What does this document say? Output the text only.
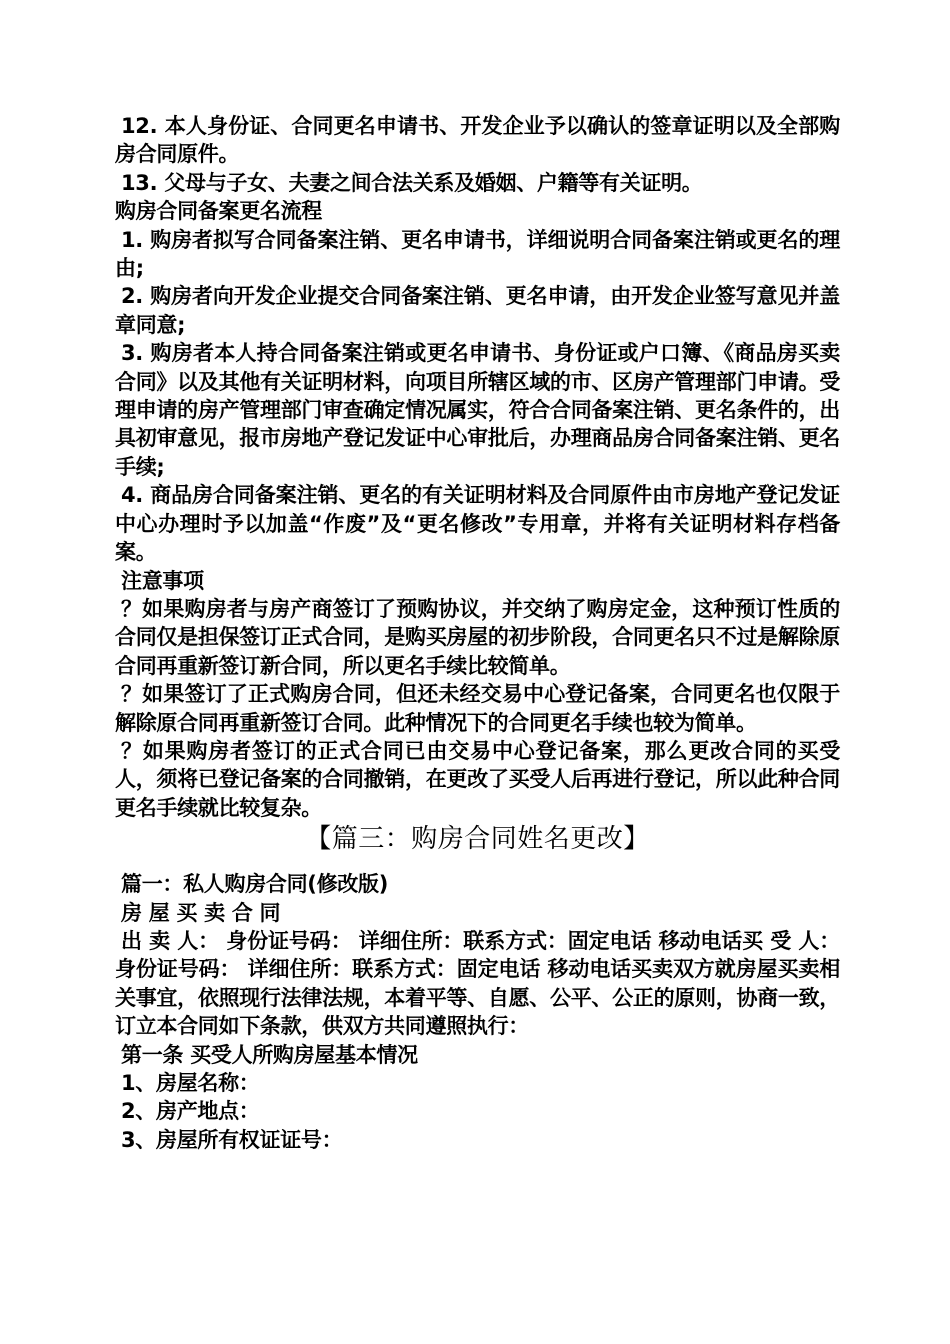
12. 本人身份证、合同更名申请书、开发企业予以确认的签章证明以及全部购房合同原件。

13. 父母与子女、夫妻之间合法关系及婚姻、户籍等有关证明。

购房合同备案更名流程

1. 购房者拟写合同备案注销、更名申请书，详细说明合同备案注销或更名的理由;

2. 购房者向开发企业提交合同备案注销、更名申请，由开发企业签写意见并盖章同意;

3. 购房者本人持合同备案注销或更名申请书、身份证或户口簿、《商品房买卖合同》以及其他有关证明材料，向项目所辖区域的市、区房产管理部门申请。受理申请的房产管理部门审查确定情况属实，符合合同备案注销、更名条件的，出具初审意见，报市房地产登记发证中心审批后，办理商品房合同备案注销、更名手续;

4. 商品房合同备案注销、更名的有关证明材料及合同原件由市房地产登记发证中心办理时予以加盖“作废”及“更名修改”专用章，并将有关证明材料存档备案。

注意事项

？如果购房者与房产商签订了预购协议，并交纳了购房定金，这种预订性质的合同仅是担保签订正式合同，是购买房屋的初步阶段，合同更名只不过是解除原合同再重新签订新合同，所以更名手续比较简单。

？如果签订了正式购房合同，但还未经交易中心登记备案，合同更名也仅限于解除原合同再重新签订合同。此种情况下的合同更名手续也较为简单。

？如果购房者签订的正式合同已由交易中心登记备案，那么更改合同的买受人，须将已登记备案的合同撤销，在更改了买受人后再进行登记，所以此种合同更名手续就比较复杂。

【篇三：购房合同姓名更改】

篇一：私人购房合同(修改版)

房 屋 买 卖 合 同

出 卖 人： 身份证号码： 详细住所：联系方式：固定电话 移动电话买 受 人： 身份证号码： 详细住所：联系方式：固定电话 移动电话买卖双方就房屋买卖相关事宜，依照现行法律法规，本着平等、自愿、公平、公正的原则，协商一致，订立本合同如下条款，供双方共同遵照执行：

第一条 买受人所购房屋基本情况

1、房屋名称：

2、房产地点：

3、房屋所有权证证号：
